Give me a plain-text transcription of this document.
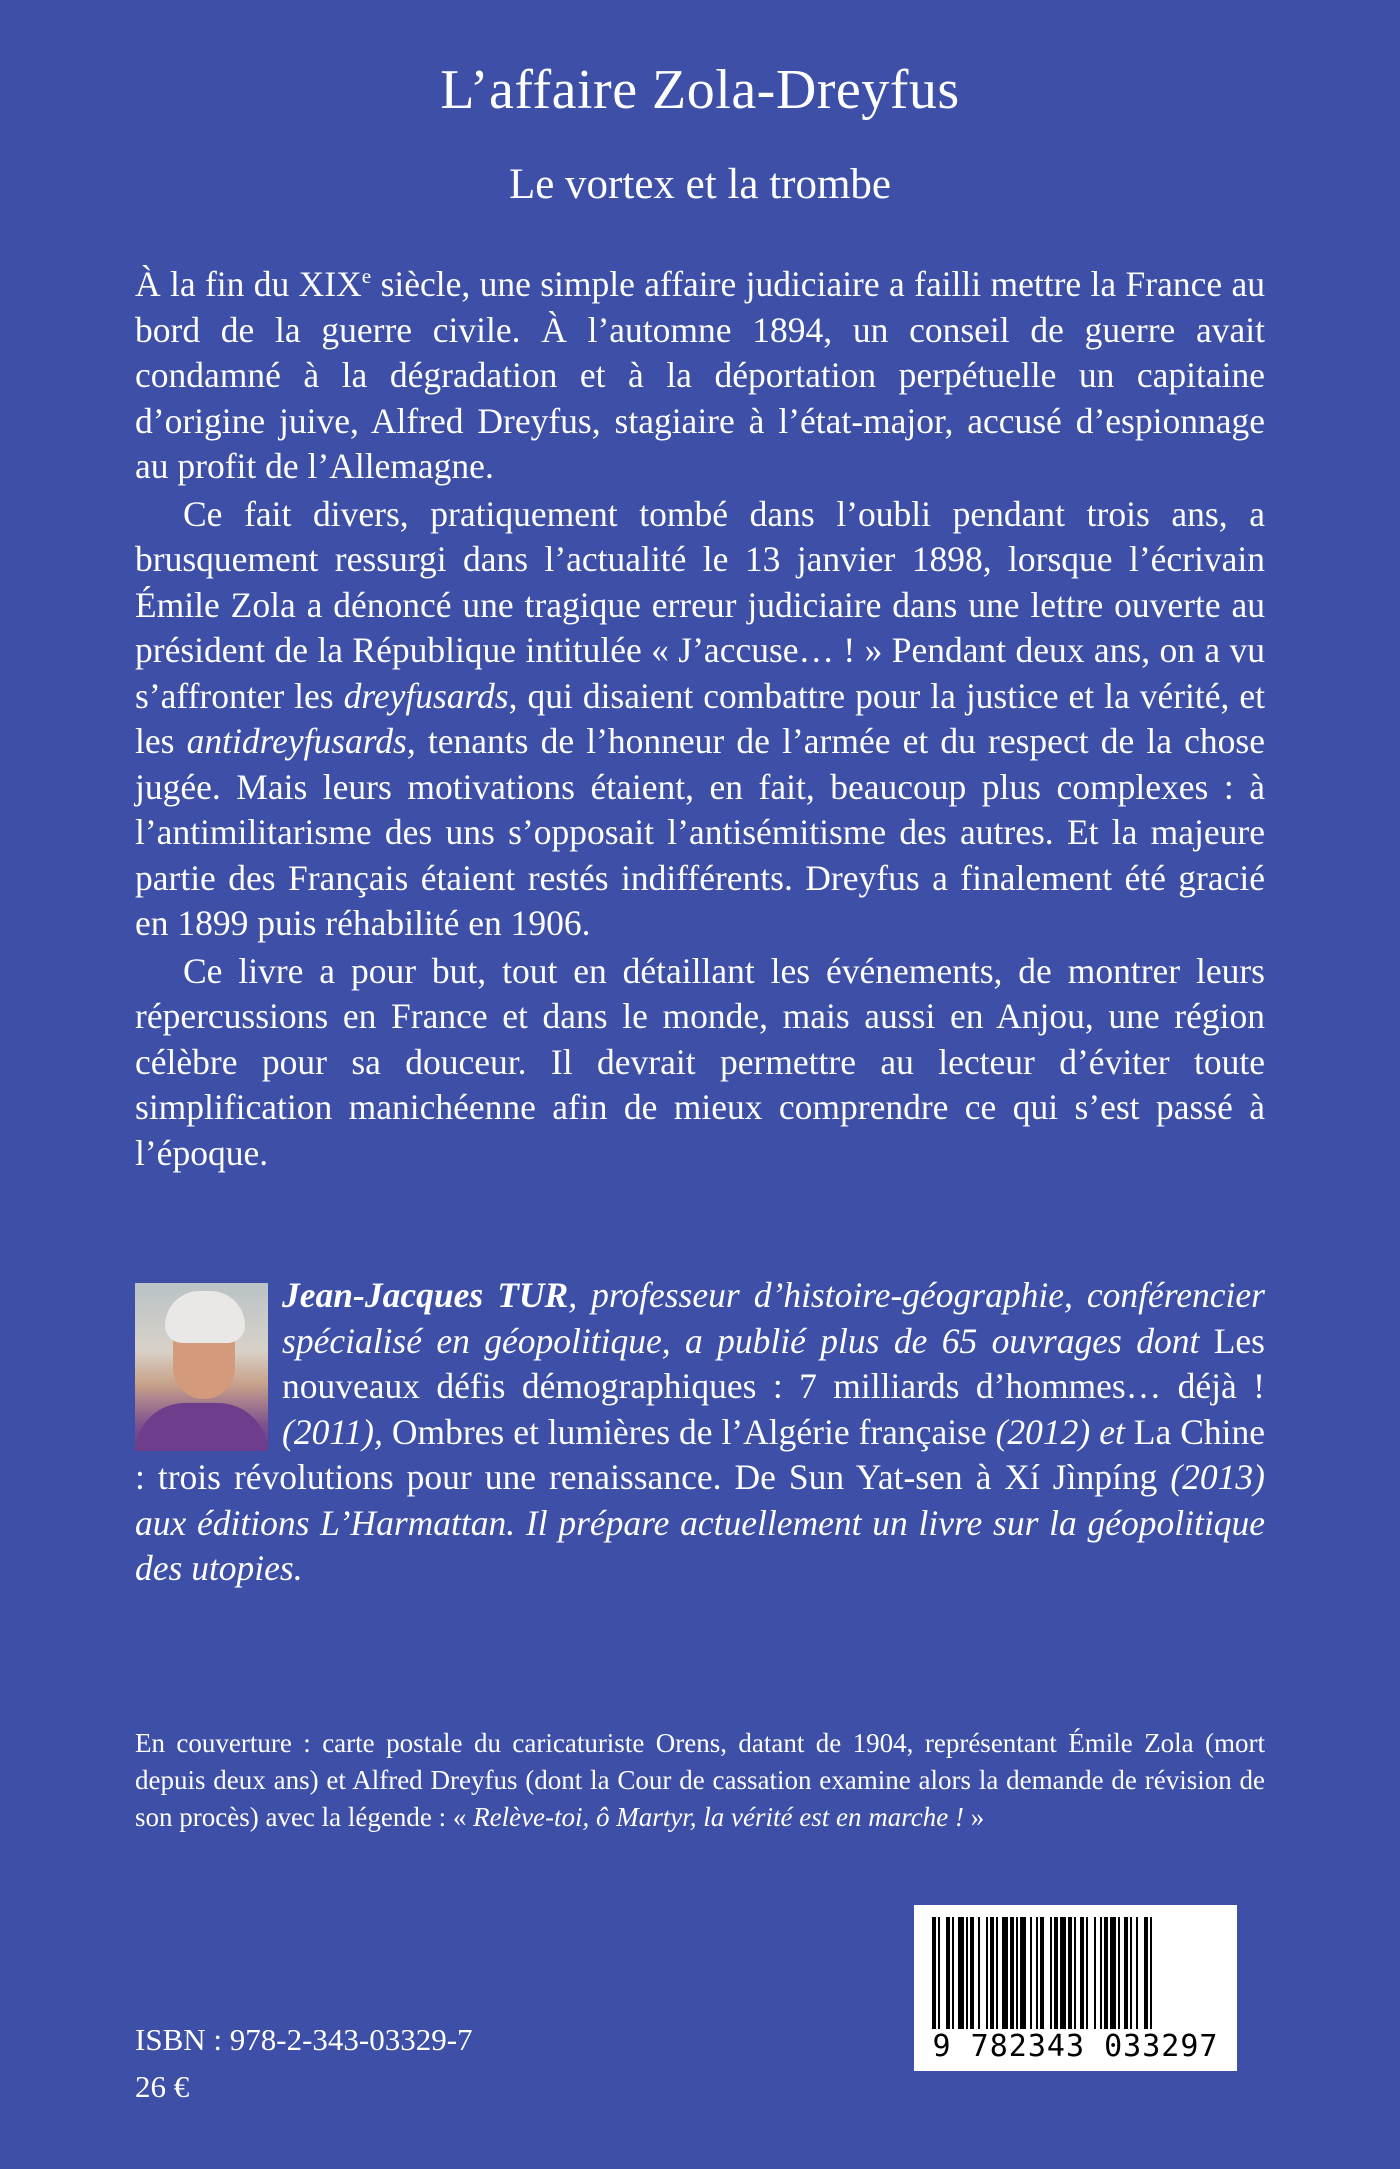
L’affaire Zola-Dreyfus
Le vortex et la trombe

À la fin du XIXe siècle, une simple affaire judiciaire a failli mettre la France au bord de la guerre civile. À l’automne 1894, un conseil de guerre avait condamné à la dégradation et à la déportation perpétuelle un capitaine d’origine juive, Alfred Dreyfus, stagiaire à l’état-major, accusé d’espionnage au profit de l’Allemagne.

Ce fait divers, pratiquement tombé dans l’oubli pendant trois ans, a brusquement ressurgi dans l’actualité le 13 janvier 1898, lorsque l’écrivain Émile Zola a dénoncé une tragique erreur judiciaire dans une lettre ouverte au président de la République intitulée « J’accuse… ! » Pendant deux ans, on a vu s’affronter les dreyfusards, qui disaient combattre pour la justice et la vérité, et les antidreyfusards, tenants de l’honneur de l’armée et du respect de la chose jugée. Mais leurs motivations étaient, en fait, beaucoup plus complexes : à l’antimilitarisme des uns s’opposait l’antisémitisme des autres. Et la majeure partie des Français étaient restés indifférents. Dreyfus a finalement été gracié en 1899 puis réhabilité en 1906.

Ce livre a pour but, tout en détaillant les événements, de montrer leurs répercussions en France et dans le monde, mais aussi en Anjou, une région célèbre pour sa douceur. Il devrait permettre au lecteur d’éviter toute simplification manichéenne afin de mieux comprendre ce qui s’est passé à l’époque.

Jean-Jacques TUR, professeur d’histoire-géographie, conférencier spécialisé en géopolitique, a publié plus de 65 ouvrages dont Les nouveaux défis démographiques : 7 milliards d’hommes… déjà ! (2011), Ombres et lumières de l’Algérie française (2012) et La Chine : trois révolutions pour une renaissance. De Sun Yat-sen à Xí Jìnpíng (2013) aux éditions L’Harmattan. Il prépare actuellement un livre sur la géopolitique des utopies.
En couverture : carte postale du caricaturiste Orens, datant de 1904, représentant Émile Zola (mort depuis deux ans) et Alfred Dreyfus (dont la Cour de cassation examine alors la demande de révision de son procès) avec la légende : « Relève-toi, ô Martyr, la vérité est en marche ! »
ISBN : 978-2-343-03329-7
26 €
9 782343 033297
